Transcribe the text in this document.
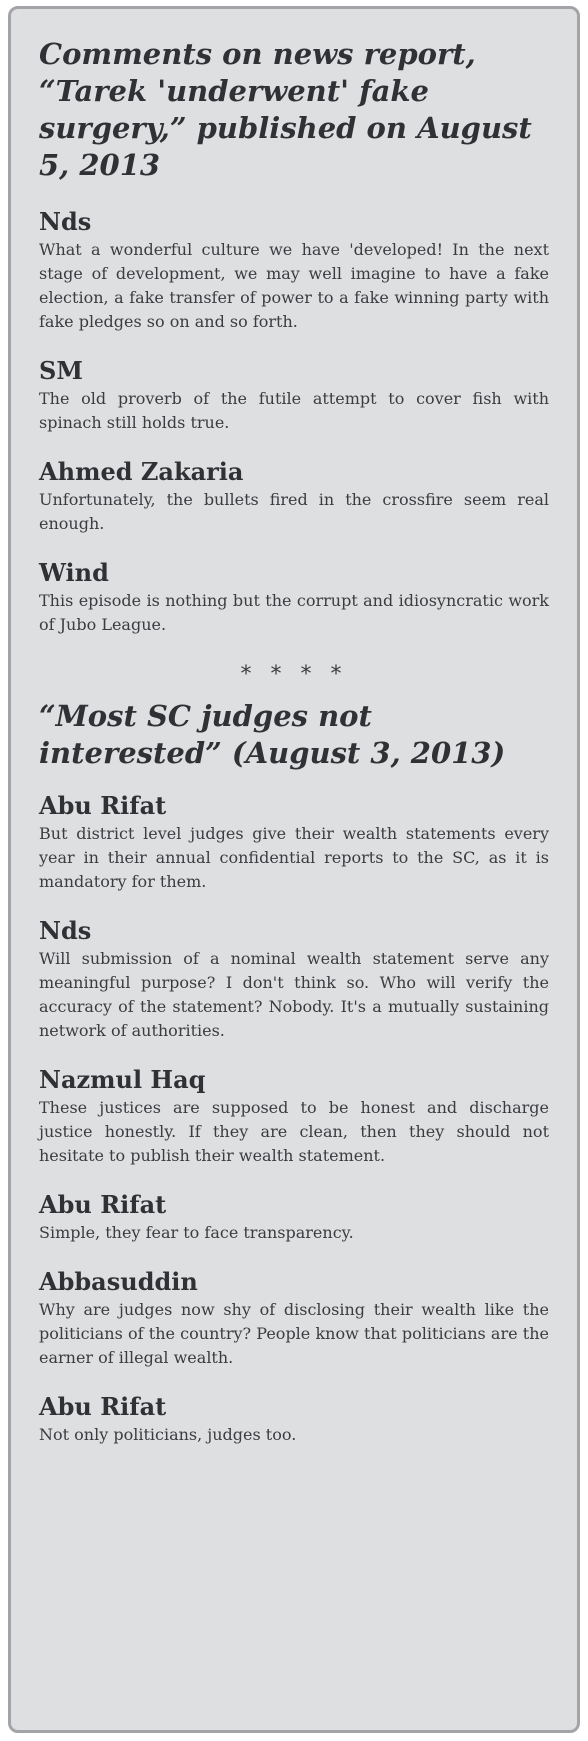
Comments on news report, “Tarek 'underwent' fake surgery,” published on August 5, 2013
Nds

What a wonderful culture we have 'developed! In the next stage of development, we may well imagine to have a fake election, a fake transfer of power to a fake winning party with fake pledges so on and so forth.

SM

The old proverb of the futile attempt to cover fish with spinach still holds true.

Ahmed Zakaria

Unfortunately, the bullets fired in the crossfire seem real enough.

Wind

This episode is nothing but the corrupt and idiosyncratic work of Jubo League.

* * * *
“Most SC judges not interested” (August 3, 2013)
Abu Rifat

But district level judges give their wealth statements every year in their annual confidential reports to the SC, as it is mandatory for them.

Nds

Will submission of a nominal wealth statement serve any meaningful purpose? I don't think so. Who will verify the accuracy of the statement? Nobody. It's a mutually sustaining network of authorities.

Nazmul Haq

These justices are supposed to be honest and discharge justice honestly. If they are clean, then they should not hesitate to publish their wealth statement.

Abu Rifat

Simple, they fear to face transparency.

Abbasuddin

Why are judges now shy of disclosing their wealth like the politicians of the country? People know that politicians are the earner of illegal wealth.

Abu Rifat

Not only politicians, judges too.
